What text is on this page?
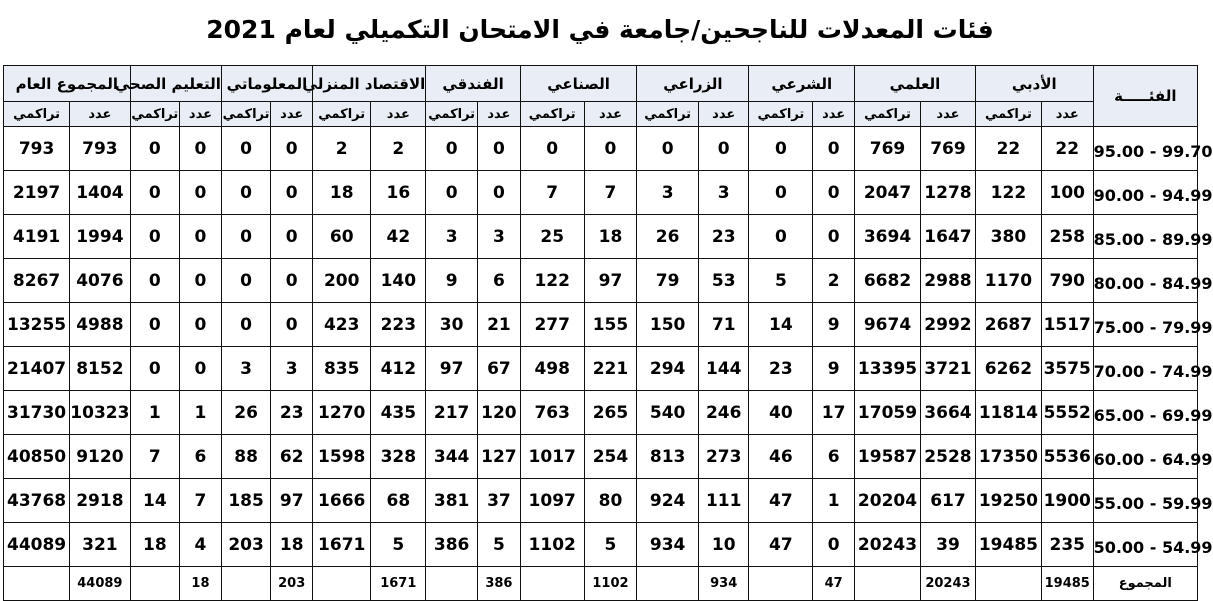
فئات المعدلات للناجحين/جامعة في الامتحان التكميلي لعام 2021
الفئـــــة	الأدبي		العلمي		الشرعي		الزراعي		الصناعي		الفندقي		الاقتصاد المنزلي		المعلوماتي		التعليم الصحي		المجموع العام	
	عدد	تراكمي	عدد	تراكمي	عدد	تراكمي	عدد	تراكمي	عدد	تراكمي	عدد	تراكمي	عدد	تراكمي	عدد	تراكمي	عدد	تراكمي	عدد	تراكمي
95.00 - 99.70	22	22	769	769	0	0	0	0	0	0	0	0	2	2	0	0	0	0	793	793
90.00 - 94.99	100	122	1278	2047	0	0	3	3	7	7	0	0	16	18	0	0	0	0	1404	2197
85.00 - 89.99	258	380	1647	3694	0	0	23	26	18	25	3	3	42	60	0	0	0	0	1994	4191
80.00 - 84.99	790	1170	2988	6682	2	5	53	79	97	122	6	9	140	200	0	0	0	0	4076	8267
75.00 - 79.99	1517	2687	2992	9674	9	14	71	150	155	277	21	30	223	423	0	0	0	0	4988	13255
70.00 - 74.99	3575	6262	3721	13395	9	23	144	294	221	498	67	97	412	835	3	3	0	0	8152	21407
65.00 - 69.99	5552	11814	3664	17059	17	40	246	540	265	763	120	217	435	1270	23	26	1	1	10323	31730
60.00 - 64.99	5536	17350	2528	19587	6	46	273	813	254	1017	127	344	328	1598	62	88	6	7	9120	40850
55.00 - 59.99	1900	19250	617	20204	1	47	111	924	80	1097	37	381	68	1666	97	185	7	14	2918	43768
50.00 - 54.99	235	19485	39	20243	0	47	10	934	5	1102	5	386	5	1671	18	203	4	18	321	44089
المجموع	19485		20243		47		934		1102		386		1671		203		18		44089	
